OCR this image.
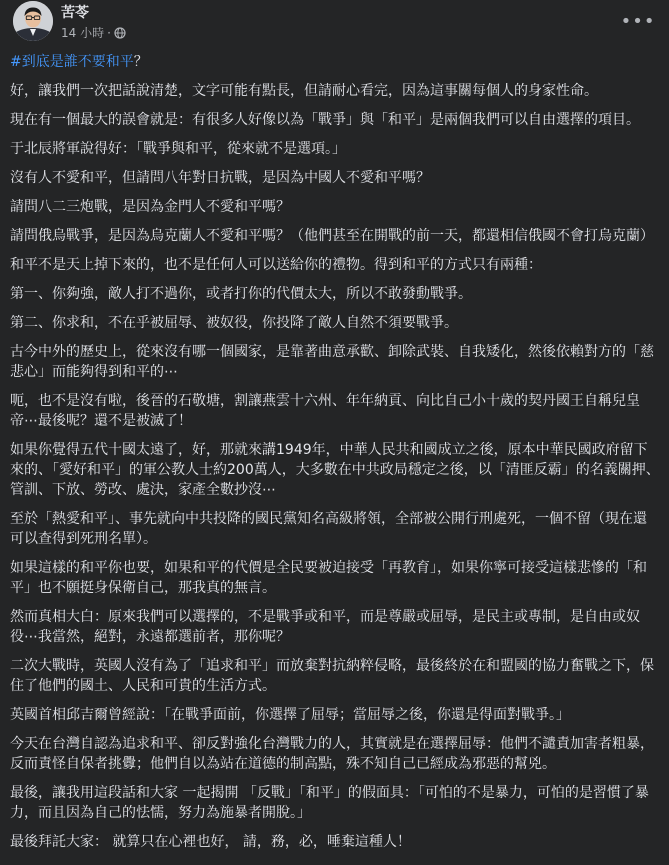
苦苓
14 小時 ·
•••

#到底是誰不要和平？

好，讓我們一次把話說清楚，文字可能有點長，但請耐心看完，因為這事關每個人的身家性命。

現在有一個最大的誤會就是：有很多人好像以為「戰爭」與「和平」是兩個我們可以自由選擇的項目。

于北辰將軍說得好：「戰爭與和平，從來就不是選項。」

沒有人不愛和平，但請問八年對日抗戰，是因為中國人不愛和平嗎？

請問八二三炮戰，是因為金門人不愛和平嗎？

請問俄烏戰爭，是因為烏克蘭人不愛和平嗎？（他們甚至在開戰的前一天，都還相信俄國不會打烏克蘭）

和平不是天上掉下來的，也不是任何人可以送給你的禮物。得到和平的方式只有兩種：

第一、你夠強，敵人打不過你，或者打你的代價太大，所以不敢發動戰爭。

第二、你求和，不在乎被屈辱、被奴役，你投降了敵人自然不須要戰爭。

古今中外的歷史上，從來沒有哪一個國家，是靠著曲意承歡、卸除武裝、自我矮化，然後依賴對方的「慈悲心」而能夠得到和平的⋯

呃，也不是沒有啦，後晉的石敬塘，割讓燕雲十六州、年年納貢、向比自己小十歲的契丹國王自稱兒皇帝⋯最後呢？還不是被滅了！

如果你覺得五代十國太遠了，好，那就來講1949年，中華人民共和國成立之後，原本中華民國政府留下來的、「愛好和平」的軍公教人士約200萬人，大多數在中共政局穩定之後，以「清匪反霸」的名義關押、管訓、下放、勞改、處決，家產全數抄沒⋯

至於「熱愛和平」、事先就向中共投降的國民黨知名高級將領，全部被公開行刑處死，一個不留（現在還可以查得到死刑名單）。

如果這樣的和平你也要，如果和平的代價是全民要被迫接受「再教育」，如果你寧可接受這樣悲慘的「和平」也不願挺身保衛自己，那我真的無言。

然而真相大白：原來我們可以選擇的，不是戰爭或和平，而是尊嚴或屈辱，是民主或專制，是自由或奴役⋯我當然，絕對，永遠都選前者，那你呢？

二次大戰時，英國人沒有為了「追求和平」而放棄對抗納粹侵略，最後終於在和盟國的協力奮戰之下，保住了他們的國土、人民和可貴的生活方式。

英國首相邱吉爾曾經說：「在戰爭面前，你選擇了屈辱；當屈辱之後，你還是得面對戰爭。」

今天在台灣自認為追求和平、卻反對強化台灣戰力的人，其實就是在選擇屈辱：他們不譴責加害者粗暴，反而責怪自保者挑釁；他們自以為站在道德的制高點，殊不知自己已經成為邪惡的幫兇。

最後，讓我用這段話和大家 一起揭開 「反戰」「和平」的假面具：「可怕的不是暴力，可怕的是習慣了暴力，而且因為自己的怯懦，努力為施暴者開脫。」

最後拜託大家： 就算只在心裡也好， 請，務，必，唾棄這種人！
